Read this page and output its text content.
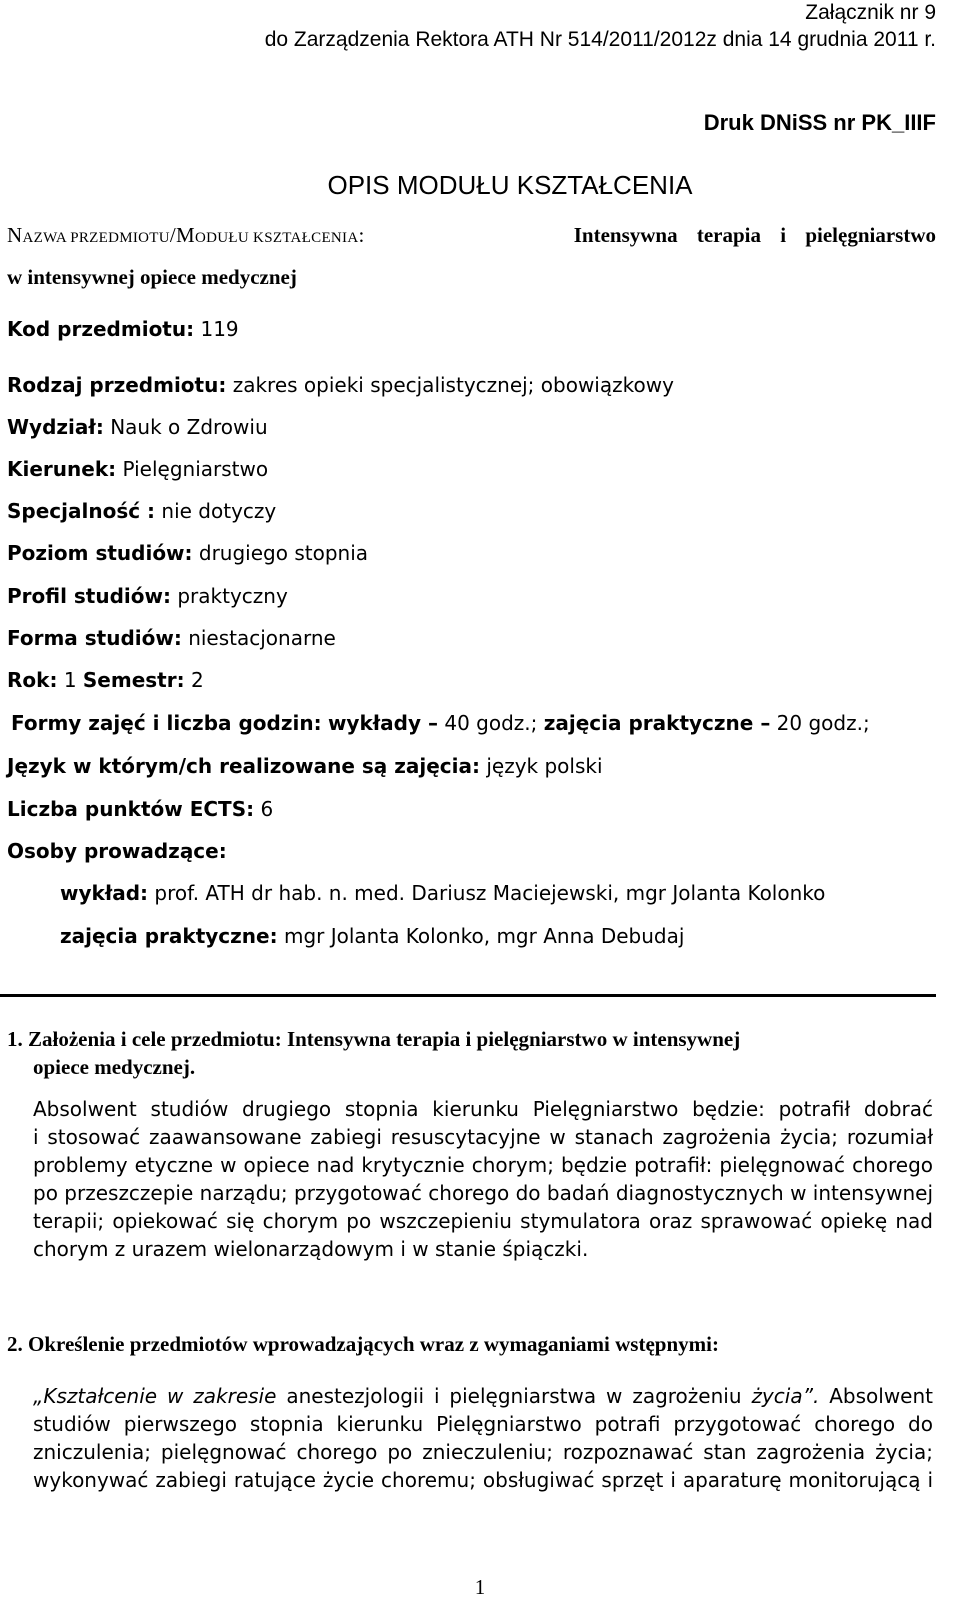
Załącznik nr 9
do Zarządzenia Rektora ATH Nr 514/2011/2012z dnia 14 grudnia 2011 r.
Druk DNiSS nr PK_IIIF
OPIS MODUŁU KSZTAŁCENIA
NAZWA PRZEDMIOTU/MODUŁU KSZTAŁCENIA:	Intensywna terapia i pielęgniarstwo
w intensywnej opiece medycznej
Kod przedmiotu: 119
Rodzaj przedmiotu: zakres opieki specjalistycznej; obowiązkowy
Wydział: Nauk o Zdrowiu
Kierunek: Pielęgniarstwo
Specjalność : nie dotyczy
Poziom studiów: drugiego stopnia
Profil studiów: praktyczny
Forma studiów: niestacjonarne
Rok: 1 Semestr: 2
Formy zajęć i liczba godzin: wykłady – 40 godz.; zajęcia praktyczne – 20 godz.;
Język w którym/ch realizowane są zajęcia: język polski
Liczba punktów ECTS: 6
Osoby prowadzące:
wykład: prof. ATH dr hab. n. med. Dariusz Maciejewski, mgr Jolanta Kolonko
zajęcia praktyczne: mgr Jolanta Kolonko, mgr Anna Debudaj
1. Założenia i cele przedmiotu: Intensywna terapia i pielęgniarstwo w intensywnej
opiece medycznej.
Absolwent studiów drugiego stopnia kierunku Pielęgniarstwo będzie: potrafił dobrać
i stosować zaawansowane zabiegi resuscytacyjne w stanach zagrożenia życia; rozumiał
problemy etyczne w opiece nad krytycznie chorym; będzie potrafił: pielęgnować chorego
po przeszczepie narządu; przygotować chorego do badań diagnostycznych w intensywnej
terapii; opiekować się chorym po wszczepieniu stymulatora oraz sprawować opiekę nad
chorym z urazem wielonarządowym i w stanie śpiączki.
2. Określenie przedmiotów wprowadzających wraz z wymaganiami wstępnymi:
„Kształcenie w zakresie anestezjologii i pielęgniarstwa w zagrożeniu życia”. Absolwent
studiów pierwszego stopnia kierunku Pielęgniarstwo potrafi przygotować chorego do
zniczulenia; pielęgnować chorego po znieczuleniu; rozpoznawać stan zagrożenia życia;
wykonywać zabiegi ratujące życie choremu; obsługiwać sprzęt i aparaturę monitorującą i
1
